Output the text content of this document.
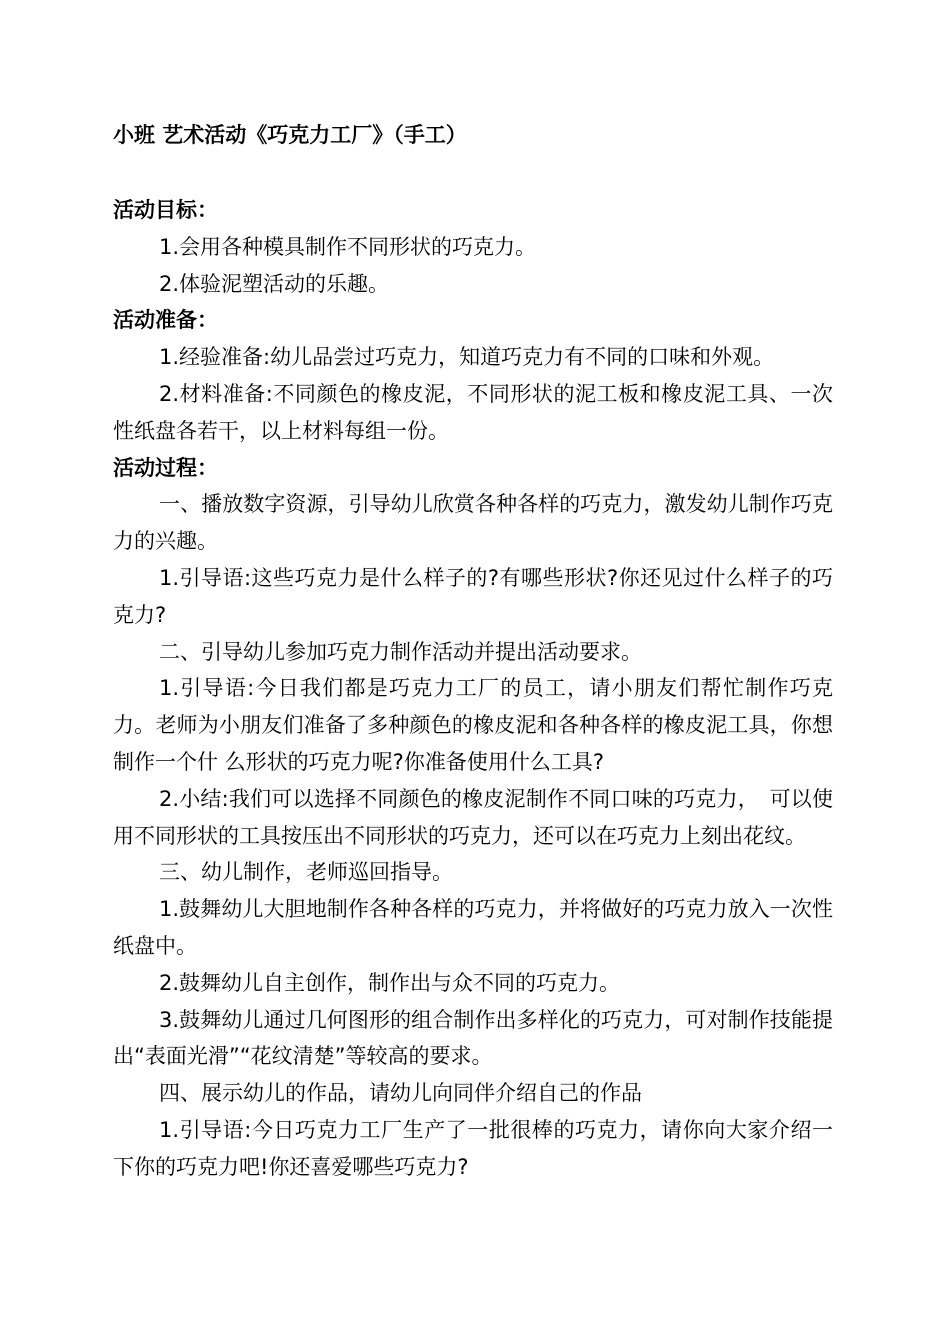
小班 艺术活动《巧克力工厂》（手工）

活动目标：

1.会用各种模具制作不同形状的巧克力。

2.体验泥塑活动的乐趣。

活动准备：

1.经验准备:幼儿品尝过巧克力，知道巧克力有不同的口味和外观。

2.材料准备:不同颜色的橡皮泥，不同形状的泥工板和橡皮泥工具、一次性纸盘各若干，以上材料每组一份。

活动过程：

一、播放数字资源，引导幼儿欣赏各种各样的巧克力，激发幼儿制作巧克力的兴趣。

1.引导语:这些巧克力是什么样子的?有哪些形状?你还见过什么样子的巧克力?

二、引导幼儿参加巧克力制作活动并提出活动要求。

1.引导语:今日我们都是巧克力工厂的员工，请小朋友们帮忙制作巧克力。老师为小朋友们准备了多种颜色的橡皮泥和各种各样的橡皮泥工具，你想制作一个什 么形状的巧克力呢?你准备使用什么工具?

2.小结:我们可以选择不同颜色的橡皮泥制作不同口味的巧克力，　可以使用不同形状的工具按压出不同形状的巧克力，还可以在巧克力上刻出花纹。

三、幼儿制作，老师巡回指导。

1.鼓舞幼儿大胆地制作各种各样的巧克力，并将做好的巧克力放入一次性纸盘中。

2.鼓舞幼儿自主创作，制作出与众不同的巧克力。

3.鼓舞幼儿通过几何图形的组合制作出多样化的巧克力，可对制作技能提出“表面光滑”“花纹清楚”等较高的要求。

四、展示幼儿的作品，请幼儿向同伴介绍自己的作品

1.引导语:今日巧克力工厂生产了一批很棒的巧克力，请你向大家介绍一下你的巧克力吧!你还喜爱哪些巧克力?
